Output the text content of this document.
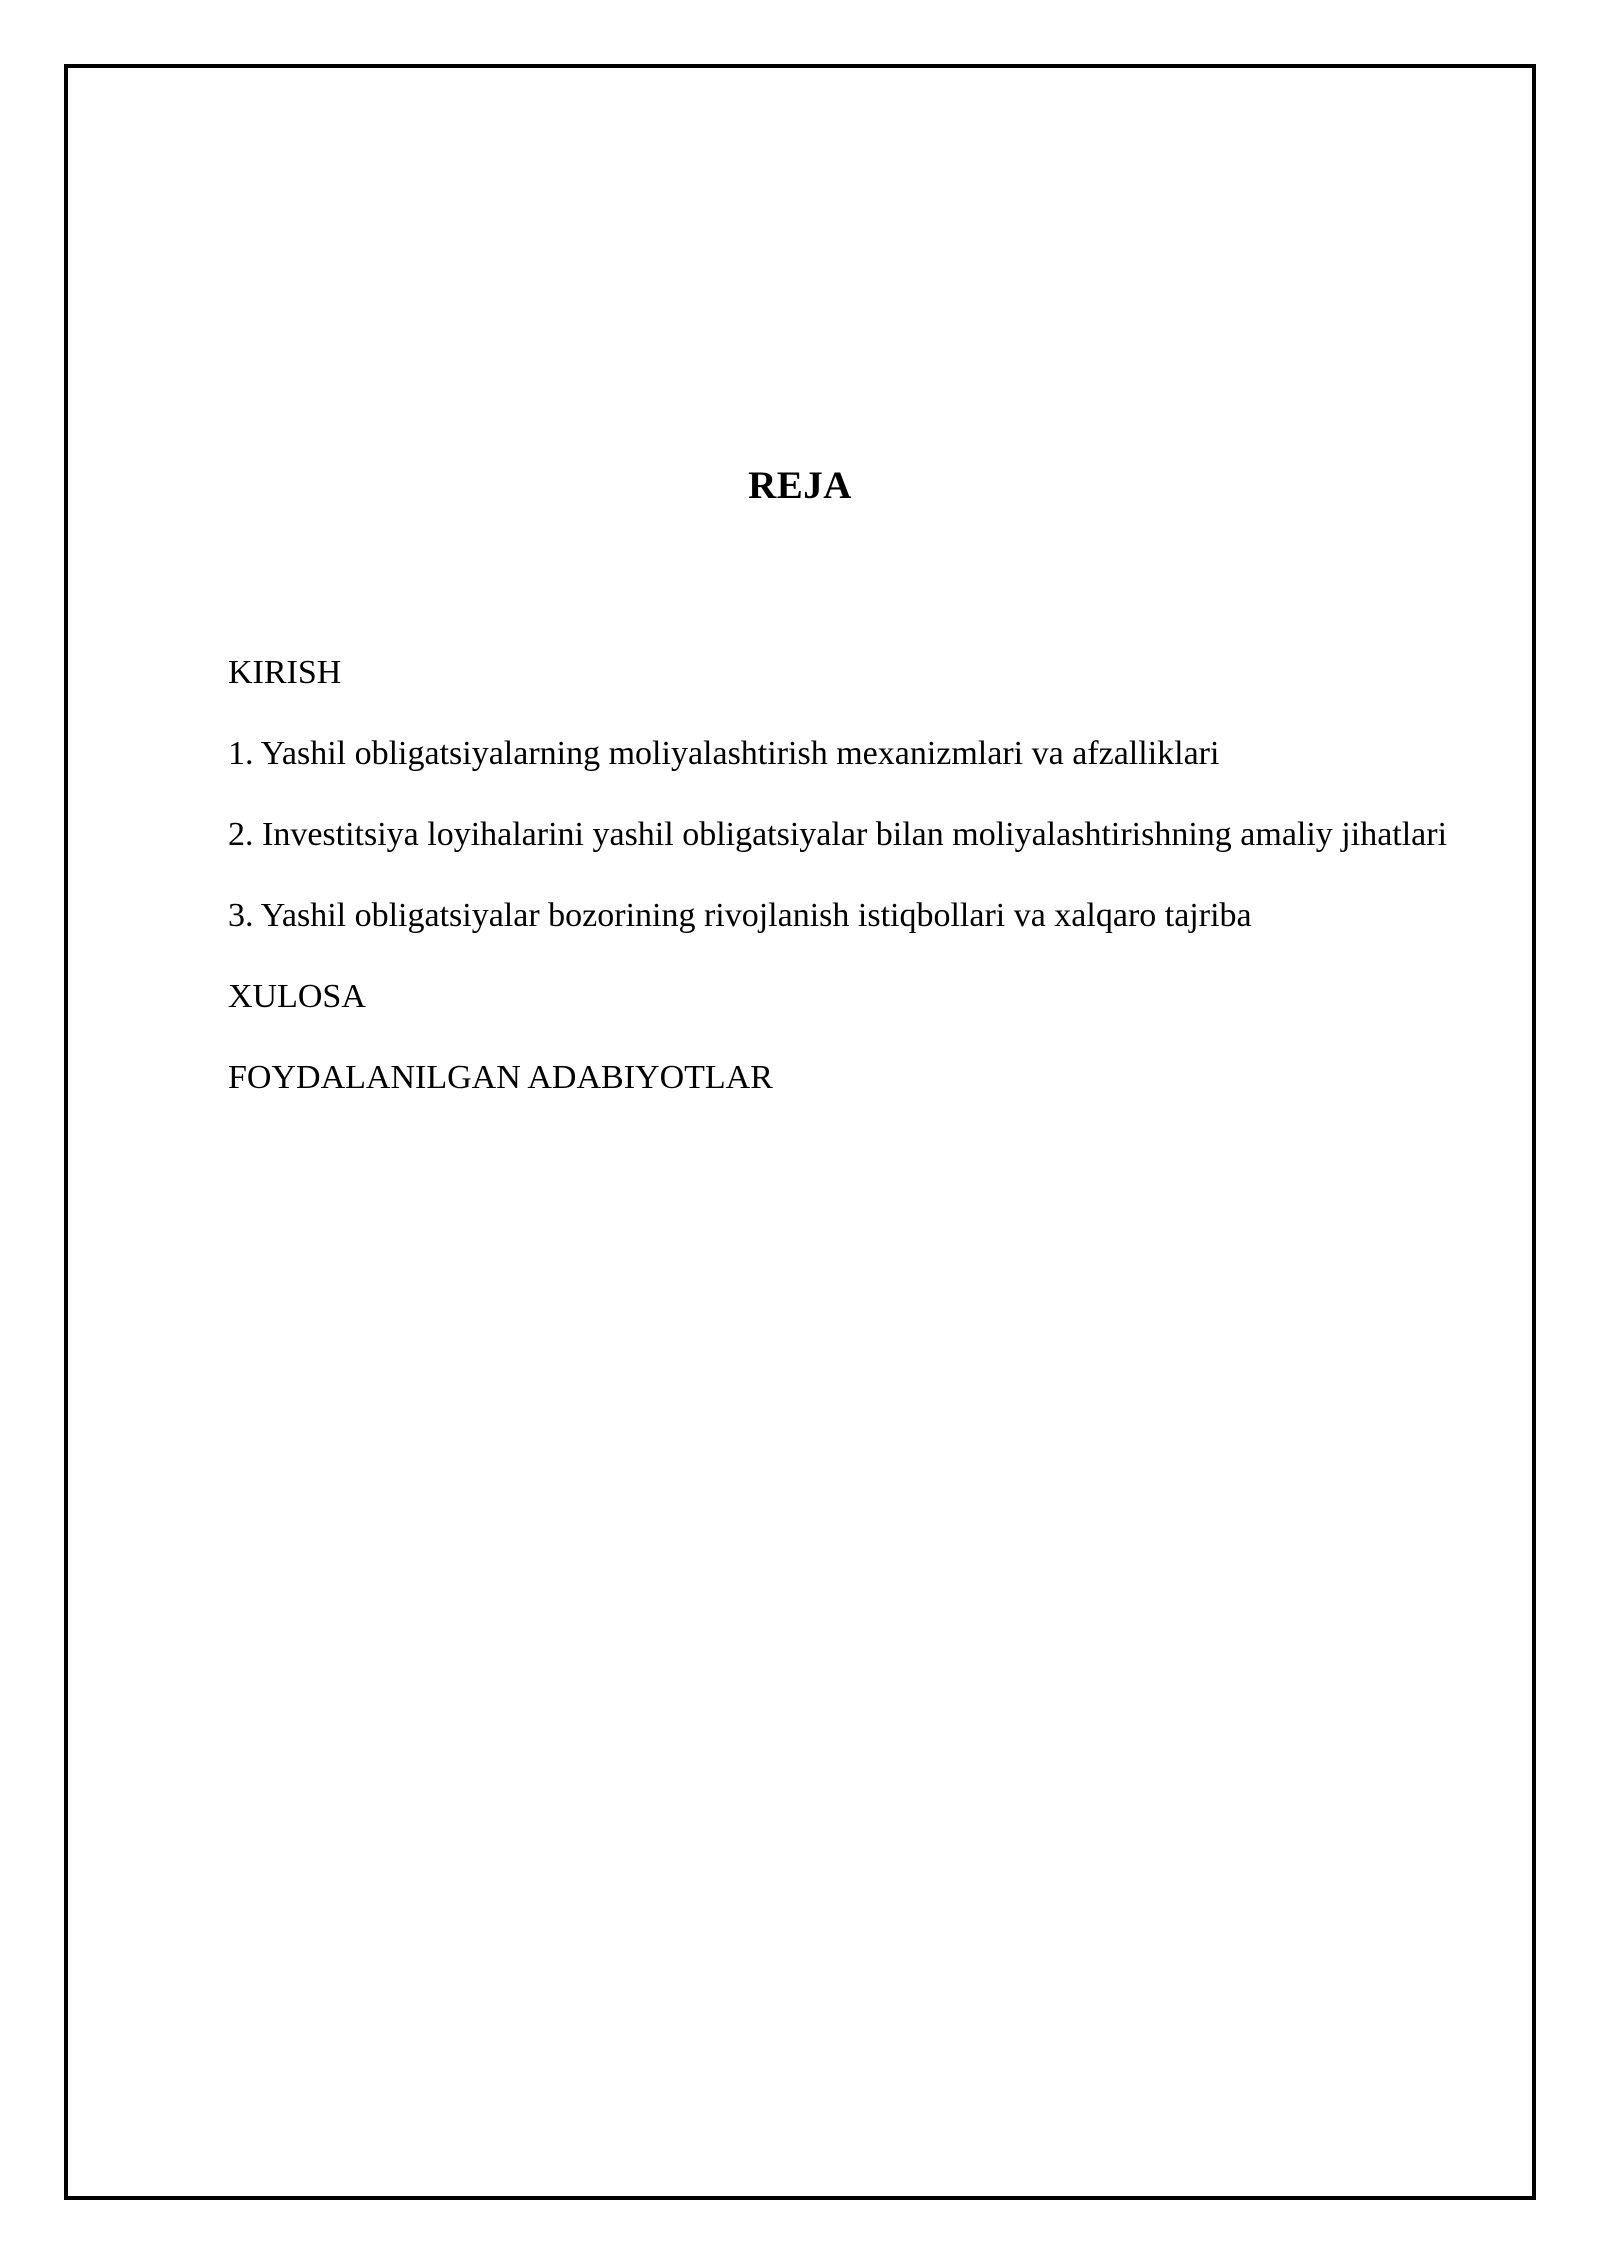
REJA
KIRISH
1. Yashil obligatsiyalarning moliyalashtirish mexanizmlari va afzalliklari
2. Investitsiya loyihalarini yashil obligatsiyalar bilan moliyalashtirishning amaliy jihatlari
3. Yashil obligatsiyalar bozorining rivojlanish istiqbollari va xalqaro tajriba
XULOSA
FOYDALANILGAN ADABIYOTLAR
